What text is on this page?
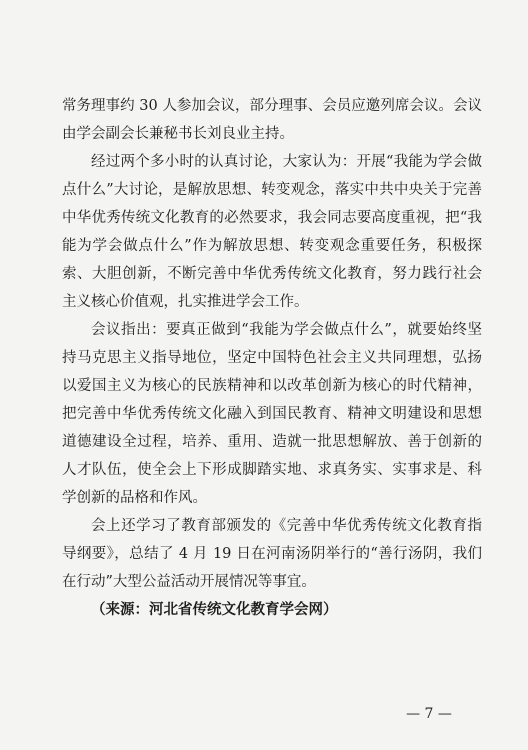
常务理事约 30 人参加会议，部分理事、会员应邀列席会议。会议由学会副会长兼秘书长刘良业主持。

经过两个多小时的认真讨论，大家认为：开展“我能为学会做点什么”大讨论，是解放思想、转变观念，落实中共中央关于完善中华优秀传统文化教育的必然要求，我会同志要高度重视，把“我能为学会做点什么”作为解放思想、转变观念重要任务，积极探索、大胆创新，不断完善中华优秀传统文化教育，努力践行社会主义核心价值观，扎实推进学会工作。

会议指出：要真正做到“我能为学会做点什么”，就要始终坚持马克思主义指导地位，坚定中国特色社会主义共同理想，弘扬以爱国主义为核心的民族精神和以改革创新为核心的时代精神，把完善中华优秀传统文化融入到国民教育、精神文明建设和思想道德建设全过程，培养、重用、造就一批思想解放、善于创新的人才队伍，使全会上下形成脚踏实地、求真务实、实事求是、科学创新的品格和作风。

会上还学习了教育部颁发的《完善中华优秀传统文化教育指导纲要》，总结了 4 月 19 日在河南汤阴举行的“善行汤阴，我们在行动”大型公益活动开展情况等事宜。

（来源：河北省传统文化教育学会网）

— 7 —
